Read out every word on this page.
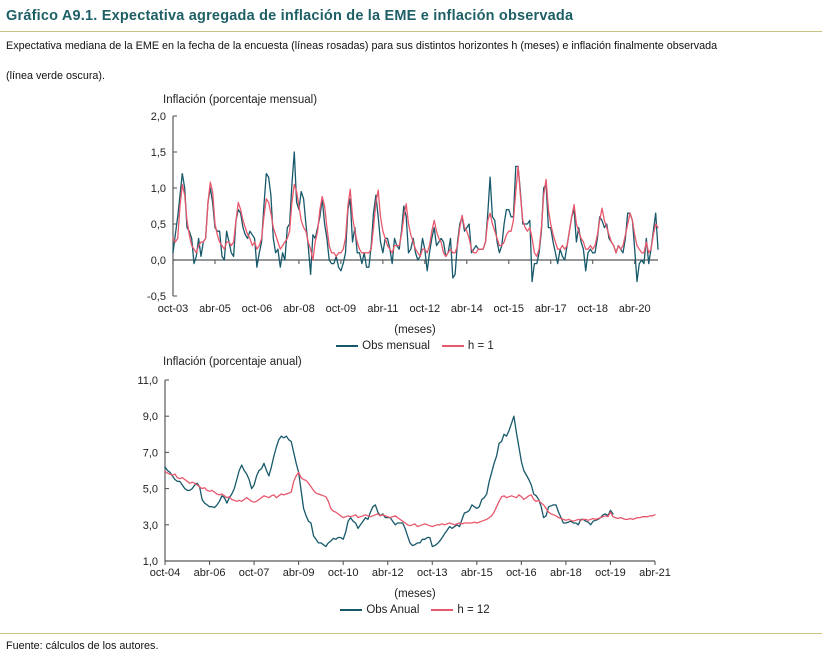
Gráfico A9.1. Expectativa agregada de inflación de la EME e inflación observada
Expectativa mediana de la EME en la fecha de la encuesta (líneas rosadas) para sus distintos horizontes h (meses) e inflación finalmente observada

(línea verde oscura).
Inflación (porcentaje mensual)
2,0
1,5
1,0
0,5
0,0
-0,5
oct-03 abr-05 oct-06 abr-08 oct-09 abr-11 oct-12 abr-14 oct-15 abr-17 oct-18 abr-20
(meses)
Obs mensual	h = 1
Inflación (porcentaje anual)
11,0
9,0
7,0
5,0
3,0
1,0
oct-04 abr-06 oct-07 abr-09 oct-10 abr-12 oct-13 abr-15 oct-16 abr-18 oct-19 abr-21
(meses)
Obs Anual	h = 12
Fuente: cálculos de los autores.
